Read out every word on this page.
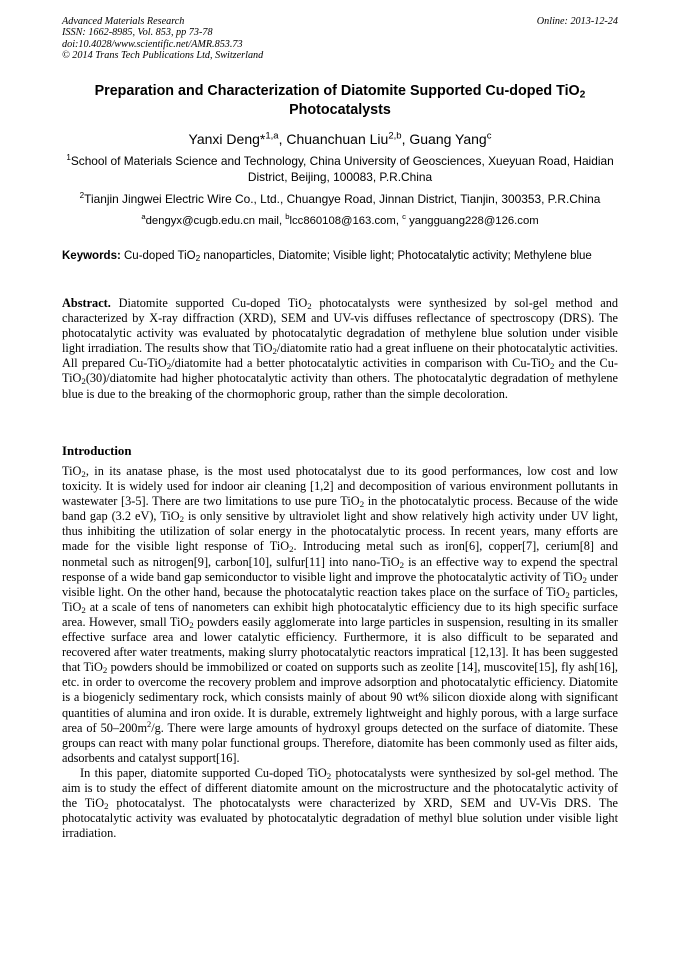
Advanced Materials Research
ISSN: 1662-8985, Vol. 853, pp 73-78
doi:10.4028/www.scientific.net/AMR.853.73
© 2014 Trans Tech Publications Ltd, Switzerland
Online: 2013-12-24
Preparation and Characterization of Diatomite Supported Cu-doped TiO$_2$
Photocatalysts
Yanxi Deng*$^{1,a}$, Chuanchuan Liu$^{2,b}$, Guang Yang$^c$
$^1$School of Materials Science and Technology, China University of Geosciences, Xueyuan Road, Haidian District, Beijing, 100083, P.R.China
$^2$Tianjin Jingwei Electric Wire Co., Ltd., Chuangye Road, Jinnan District, Tianjin, 300353, P.R.China
$^a$dengyx@cugb.edu.cn mail, $^b$lcc860108@163.com, $^c$ yangguang228@126.com
Keywords: Cu-doped TiO$_2$ nanoparticles, Diatomite; Visible light; Photocatalytic activity; Methylene blue
Abstract. Diatomite supported Cu-doped TiO$_2$ photocatalysts were synthesized by sol-gel method and characterized by X-ray diffraction (XRD), SEM and UV-vis diffuses reflectance of spectroscopy (DRS). The photocatalytic activity was evaluated by photocatalytic degradation of methylene blue solution under visible light irradiation. The results show that TiO$_2$/diatomite ratio had a great influene on their photocatalytic activities. All prepared Cu-TiO$_2$/diatomite had a better photocatalytic activities in comparison with Cu-TiO$_2$ and the Cu-TiO$_2$(30)/diatomite had higher photocatalytic activity than others. The photocatalytic degradation of methylene blue is due to the breaking of the chormophoric group, rather than the simple decoloration.
Introduction

TiO$_2$, in its anatase phase, is the most used photocatalyst due to its good performances, low cost and low toxicity. It is widely used for indoor air cleaning [1,2] and decomposition of various environment pollutants in wastewater [3-5]. There are two limitations to use pure TiO$_2$ in the photocatalytic process. Because of the wide band gap (3.2 eV), TiO$_2$ is only sensitive by ultraviolet light and show relatively high activity under UV light, thus inhibiting the utilization of solar energy in the photocatalytic process. In recent years, many efforts are made for the visible light response of TiO$_2$. Introducing metal such as iron[6], copper[7], cerium[8] and nonmetal such as nitrogen[9], carbon[10], sulfur[11] into nano-TiO$_2$ is an effective way to expend the spectral response of a wide band gap semiconductor to visible light and improve the photocatalytic activity of TiO$_2$ under visible light. On the other hand, because the photocatalytic reaction takes place on the surface of TiO$_2$ particles, TiO$_2$ at a scale of tens of nanometers can exhibit high photocatalytic efficiency due to its high specific surface area. However, small TiO$_2$ powders easily agglomerate into large particles in suspension, resulting in its smaller effective surface area and lower catalytic efficiency. Furthermore, it is also difficult to be separated and recovered after water treatments, making slurry photocatalytic reactors impratical [12,13]. It has been suggested that TiO$_2$ powders should be immobilized or coated on supports such as zeolite [14], muscovite[15], fly ash[16], etc. in order to overcome the recovery problem and improve adsorption and photocatalytic efficiency. Diatomite is a biogenicly sedimentary rock, which consists mainly of about 90 wt% silicon dioxide along with significant quantities of alumina and iron oxide. It is durable, extremely lightweight and highly porous, with a large surface area of $50-200m^2/g$. There were large amounts of hydroxyl groups detected on the surface of diatomite. These groups can react with many polar functional groups. Therefore, diatomite has been commonly used as filter aids, adsorbents and catalyst support[16].

In this paper, diatomite supported Cu-doped TiO$_2$ photocatalysts were synthesized by sol-gel method. The aim is to study the effect of different diatomite amount on the microstructure and the photocatalytic activity of the TiO$_2$ photocatalyst. The photocatalysts were characterized by XRD, SEM and UV-Vis DRS. The photocatalytic activity was evaluated by photocatalytic degradation of methyl blue solution under visible light irradiation.
